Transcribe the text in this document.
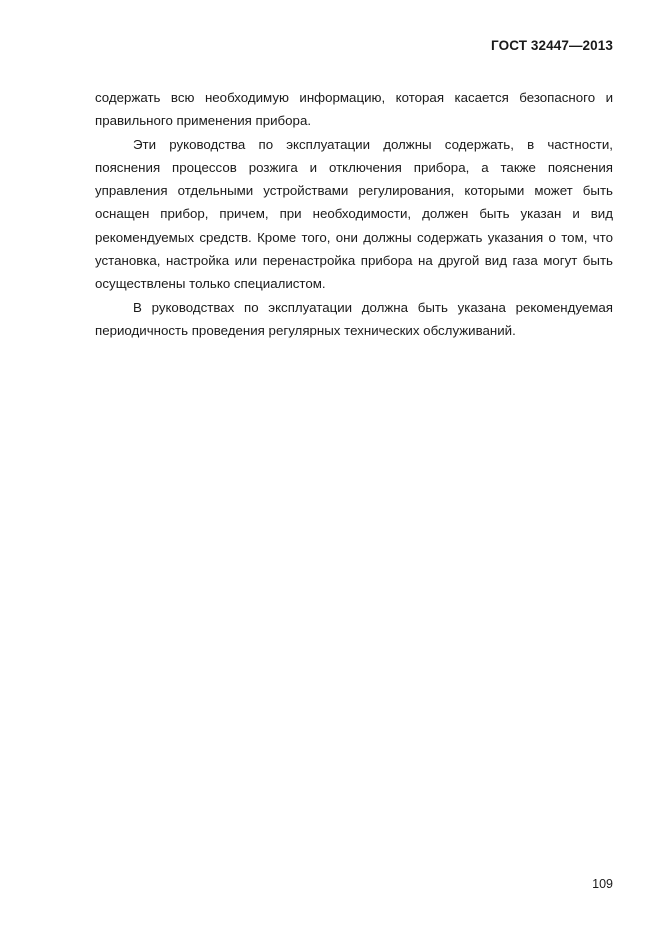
ГОСТ 32447—2013

содержать всю необходимую информацию, которая касается безопасного и правильного применения прибора.

Эти руководства по эксплуатации должны содержать, в частности, пояснения процессов розжига и отключения прибора, а также пояснения управления отдельными устройствами регулирования, которыми может быть оснащен прибор, причем, при необходимости, должен быть указан и вид рекомендуемых средств. Кроме того, они должны содержать указания о том, что установка, настройка или перенастройка прибора на другой вид газа могут быть осуществлены только специалистом.

В руководствах по эксплуатации должна быть указана рекомендуемая периодичность проведения регулярных технических обслуживаний.

109
